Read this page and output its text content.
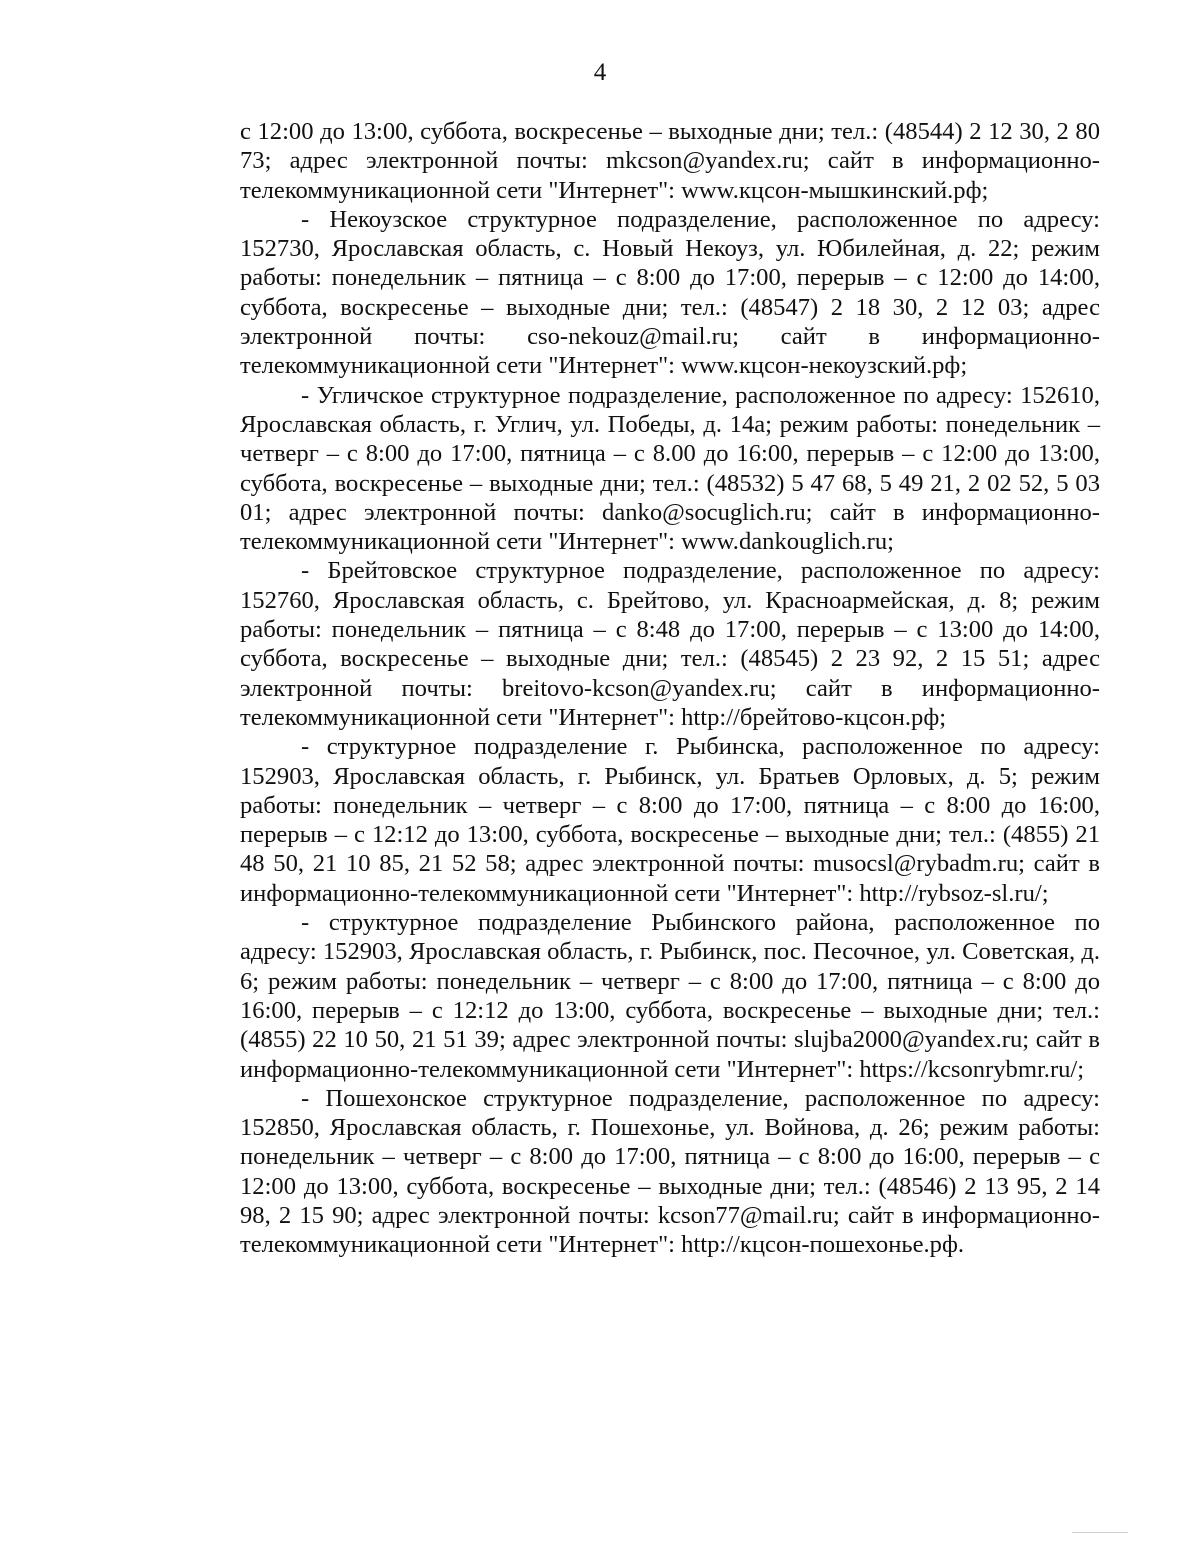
4

с 12:00 до 13:00, суббота, воскресенье – выходные дни; тел.: (48544) 2 12 30, 2 80 73; адрес электронной почты: mkcson@yandex.ru; сайт в информационно-телекоммуникационной сети "Интернет": www.кцсон-мышкинский.рф;

- Некоузское структурное подразделение, расположенное по адресу: 152730, Ярославская область, с. Новый Некоуз, ул. Юбилейная, д. 22; режим работы: понедельник – пятница – с 8:00 до 17:00, перерыв – с 12:00 до 14:00, суббота, воскресенье – выходные дни; тел.: (48547) 2 18 30, 2 12 03; адрес электронной почты: cso-nekouz@mail.ru; сайт в информационно-телекоммуникационной сети "Интернет": www.кцсон-некоузский.рф;

- Угличское структурное подразделение, расположенное по адресу: 152610, Ярославская область, г. Углич, ул. Победы, д. 14а; режим работы: понедельник – четверг – с 8:00 до 17:00, пятница – с 8.00 до 16:00, перерыв – с 12:00 до 13:00, суббота, воскресенье – выходные дни; тел.: (48532) 5 47 68, 5 49 21, 2 02 52, 5 03 01; адрес электронной почты: danko@socuglich.ru; сайт в информационно-телекоммуникационной сети "Интернет": www.dankouglich.ru;

- Брейтовское структурное подразделение, расположенное по адресу: 152760, Ярославская область, с. Брейтово, ул. Красноармейская, д. 8; режим работы: понедельник – пятница – с 8:48 до 17:00, перерыв – с 13:00 до 14:00, суббота, воскресенье – выходные дни; тел.: (48545) 2 23 92, 2 15 51; адрес электронной почты: breitovo-kcson@yandex.ru; сайт в информационно-телекоммуникационной сети "Интернет": http://брейтово-кцсон.рф;

- структурное подразделение г. Рыбинска, расположенное по адресу: 152903, Ярославская область, г. Рыбинск, ул. Братьев Орловых, д. 5; режим работы: понедельник – четверг – с 8:00 до 17:00, пятница – с 8:00 до 16:00, перерыв – с 12:12 до 13:00, суббота, воскресенье – выходные дни; тел.: (4855) 21 48 50, 21 10 85, 21 52 58; адрес электронной почты: musocsl@rybadm.ru; сайт в информационно-телекоммуникационной сети "Интернет": http://rybsoz-sl.ru/;

- структурное подразделение Рыбинского района, расположенное по адресу: 152903, Ярославская область, г. Рыбинск, пос. Песочное, ул. Советская, д. 6; режим работы: понедельник – четверг – с 8:00 до 17:00, пятница – с 8:00 до 16:00, перерыв – с 12:12 до 13:00, суббота, воскресенье – выходные дни; тел.: (4855) 22 10 50, 21 51 39; адрес электронной почты: slujba2000@yandex.ru; сайт в информационно-телекоммуникационной сети "Интернет": https://kcsonrybmr.ru/;

- Пошехонское структурное подразделение, расположенное по адресу: 152850, Ярославская область, г. Пошехонье, ул. Войнова, д. 26; режим работы: понедельник – четверг – с 8:00 до 17:00, пятница – с 8:00 до 16:00, перерыв – с 12:00 до 13:00, суббота, воскресенье – выходные дни; тел.: (48546) 2 13 95, 2 14 98, 2 15 90; адрес электронной почты: kcson77@mail.ru; сайт в информационно-телекоммуникационной сети "Интернет": http://кцсон-пошехонье.рф.
